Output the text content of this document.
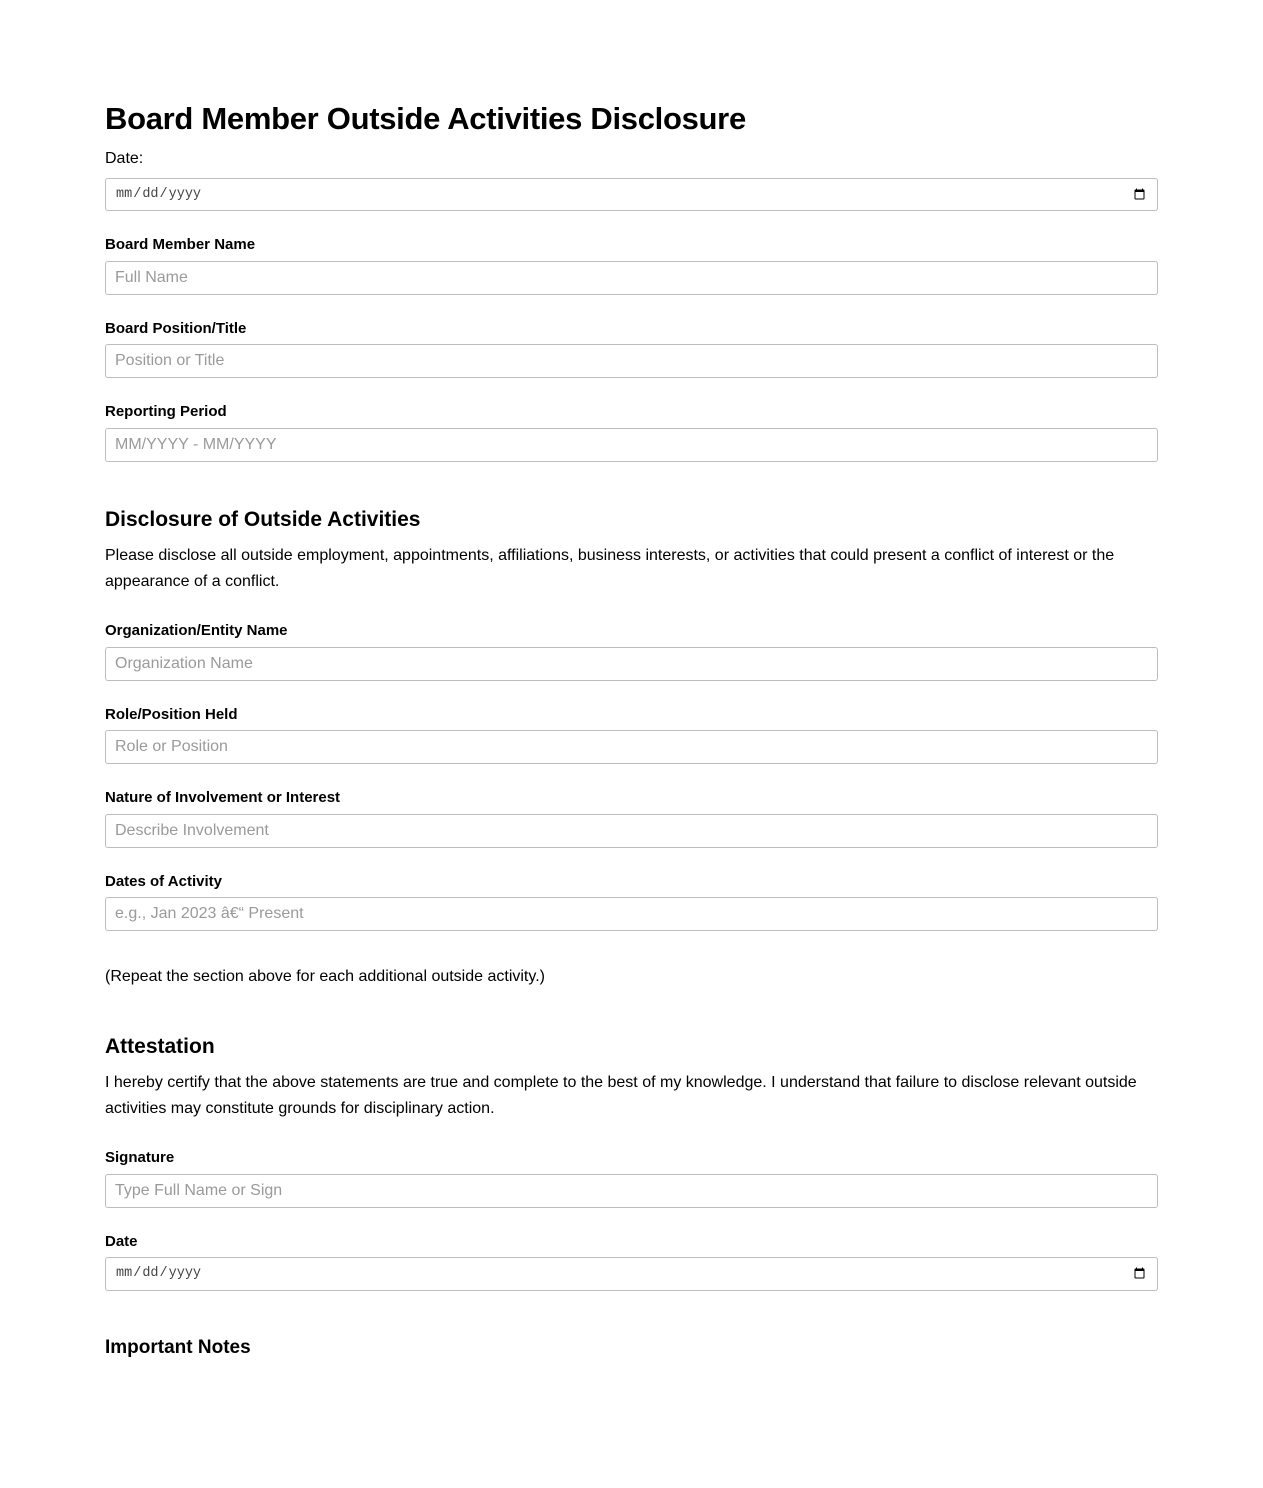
Board Member Outside Activities Disclosure
Date:
mm/dd/yyyy
Board Member Name
Full Name
Board Position/Title
Position or Title
Reporting Period
MM/YYYY - MM/YYYY
Disclosure of Outside Activities

Please disclose all outside employment, appointments, affiliations, business interests, or activities that could present a conflict of interest or the appearance of a conflict.

Organization/Entity Name
Organization Name
Role/Position Held
Role or Position
Nature of Involvement or Interest
Describe Involvement
Dates of Activity
e.g., Jan 2023 â€“ Present

(Repeat the section above for each additional outside activity.)

Attestation

I hereby certify that the above statements are true and complete to the best of my knowledge. I understand that failure to disclose relevant outside activities may constitute grounds for disciplinary action.

Signature
Type Full Name or Sign
Date
mm/dd/yyyy
Important Notes
